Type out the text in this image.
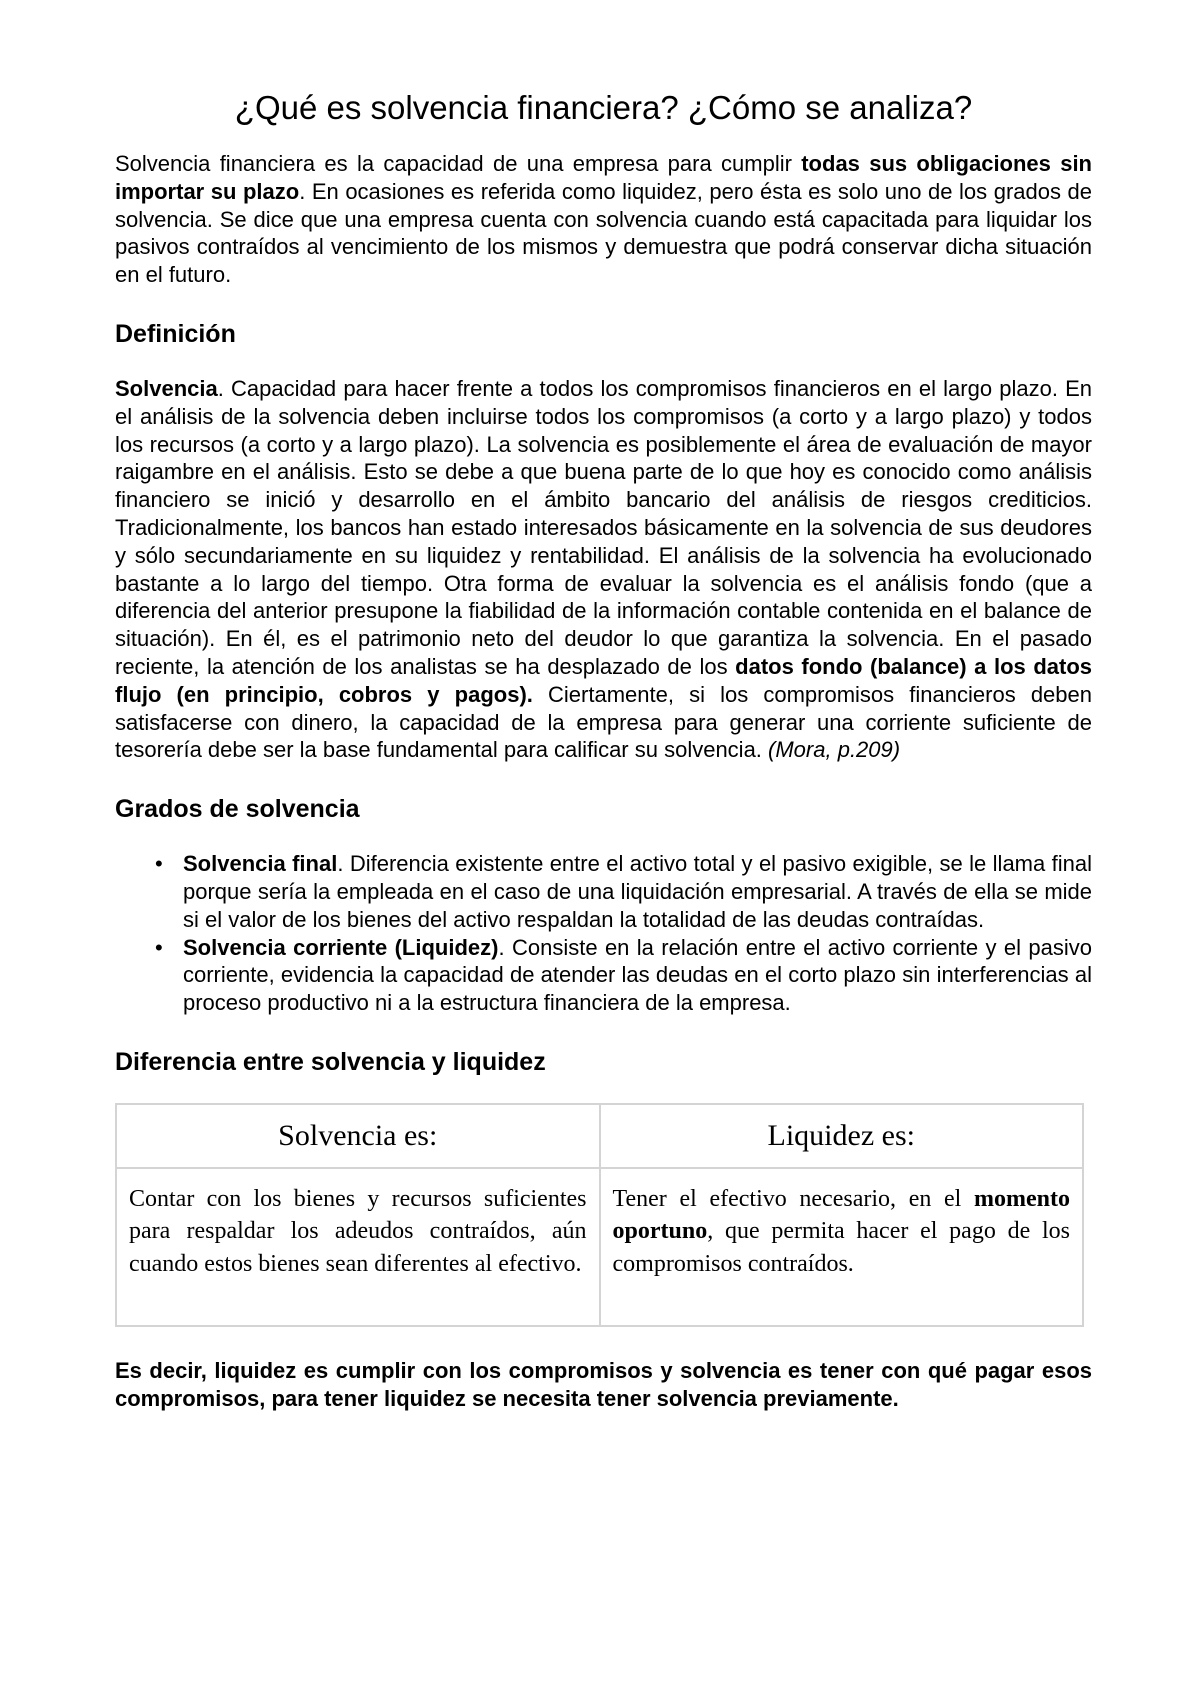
¿Qué es solvencia financiera? ¿Cómo se analiza?

Solvencia financiera es la capacidad de una empresa para cumplir todas sus obligaciones sin importar su plazo. En ocasiones es referida como liquidez, pero ésta es solo uno de los grados de solvencia. Se dice que una empresa cuenta con solvencia cuando está capacitada para liquidar los pasivos contraídos al vencimiento de los mismos y demuestra que podrá conservar dicha situación en el futuro.

Definición

Solvencia. Capacidad para hacer frente a todos los compromisos financieros en el largo plazo. En el análisis de la solvencia deben incluirse todos los compromisos (a corto y a largo plazo) y todos los recursos (a corto y a largo plazo). La solvencia es posiblemente el área de evaluación de mayor raigambre en el análisis. Esto se debe a que buena parte de lo que hoy es conocido como análisis financiero se inició y desarrollo en el ámbito bancario del análisis de riesgos crediticios. Tradicionalmente, los bancos han estado interesados básicamente en la solvencia de sus deudores y sólo secundariamente en su liquidez y rentabilidad. El análisis de la solvencia ha evolucionado bastante a lo largo del tiempo. Otra forma de evaluar la solvencia es el análisis fondo (que a diferencia del anterior presupone la fiabilidad de la información contable contenida en el balance de situación). En él, es el patrimonio neto del deudor lo que garantiza la solvencia. En el pasado reciente, la atención de los analistas se ha desplazado de los datos fondo (balance) a los datos flujo (en principio, cobros y pagos). Ciertamente, si los compromisos financieros deben satisfacerse con dinero, la capacidad de la empresa para generar una corriente suficiente de tesorería debe ser la base fundamental para calificar su solvencia. (Mora, p.209)

Grados de solvencia
• Solvencia final. Diferencia existente entre el activo total y el pasivo exigible, se le llama final porque sería la empleada en el caso de una liquidación empresarial. A través de ella se mide si el valor de los bienes del activo respaldan la totalidad de las deudas contraídas.
• Solvencia corriente (Liquidez). Consiste en la relación entre el activo corriente y el pasivo corriente, evidencia la capacidad de atender las deudas en el corto plazo sin interferencias al proceso productivo ni a la estructura financiera de la empresa.
Diferencia entre solvencia y liquidez
Solvencia es:	Liquidez es:
Contar con los bienes y recursos suficientes para respaldar los adeudos contraídos, aún cuando estos bienes sean diferentes al efectivo.	Tener el efectivo necesario, en el momento oportuno, que permita hacer el pago de los compromisos contraídos.

Es decir, liquidez es cumplir con los compromisos y solvencia es tener con qué pagar esos compromisos, para tener liquidez se necesita tener solvencia previamente.
